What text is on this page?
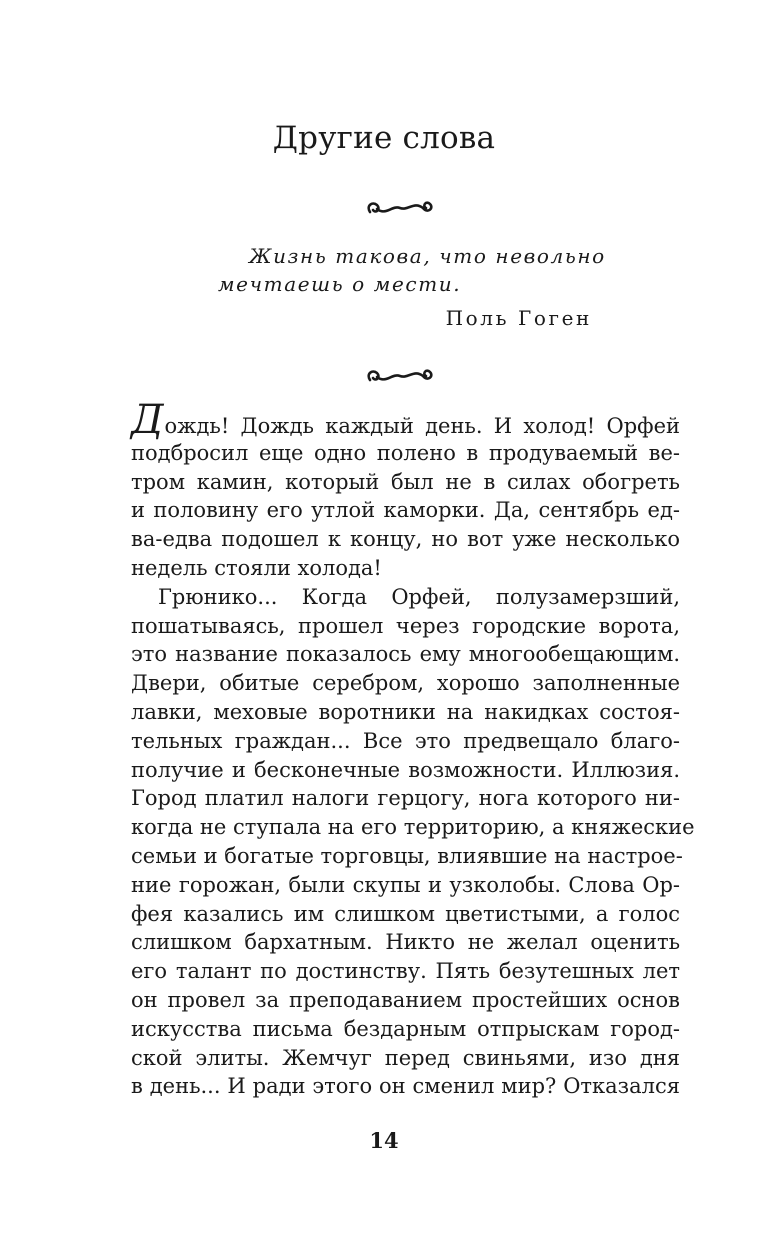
Другие слова
Жизнь такова, что невольно
мечтаешь о мести.
Поль Гоген
Дождь! Дождь каждый день. И холод! Орфей
подбросил еще одно полено в продуваемый ве-
тром камин, который был не в силах обогреть
и половину его утлой каморки. Да, сентябрь ед-
ва-едва подошел к концу, но вот уже несколько
недель стояли холода!
Грюнико... Когда Орфей, полузамерзший,
пошатываясь, прошел через городские ворота,
это название показалось ему многообещающим.
Двери, обитые серебром, хорошо заполненные
лавки, меховые воротники на накидках состоя-
тельных граждан... Все это предвещало благо-
получие и бесконечные возможности. Иллюзия.
Город платил налоги герцогу, нога которого ни-
когда не ступала на его территорию, а княжеские
семьи и богатые торговцы, влиявшие на настрое-
ние горожан, были скупы и узколобы. Слова Ор-
фея казались им слишком цветистыми, а голос
слишком бархатным. Никто не желал оценить
его талант по достинству. Пять безутешных лет
он провел за преподаванием простейших основ
искусства письма бездарным отпрыскам город-
ской элиты. Жемчуг перед свиньями, изо дня
в день... И ради этого он сменил мир? Отказался
14
